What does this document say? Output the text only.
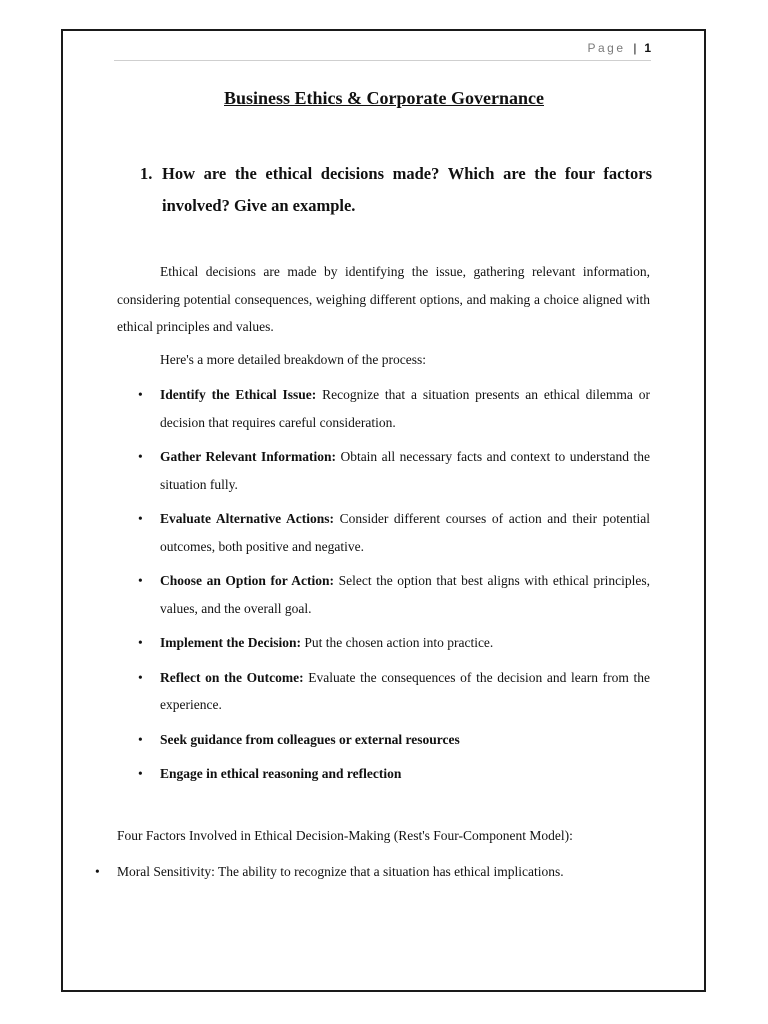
Page | 1
Business Ethics & Corporate Governance
1. How are the ethical decisions made? Which are the four factors involved? Give an example.

Ethical decisions are made by identifying the issue, gathering relevant information, considering potential consequences, weighing different options, and making a choice aligned with ethical principles and values.

Here's a more detailed breakdown of the process:

• Identify the Ethical Issue: Recognize that a situation presents an ethical dilemma or decision that requires careful consideration.
• Gather Relevant Information: Obtain all necessary facts and context to understand the situation fully.
• Evaluate Alternative Actions: Consider different courses of action and their potential outcomes, both positive and negative.
• Choose an Option for Action: Select the option that best aligns with ethical principles, values, and the overall goal.
• Implement the Decision: Put the chosen action into practice.
• Reflect on the Outcome: Evaluate the consequences of the decision and learn from the experience.
• Seek guidance from colleagues or external resources
• Engage in ethical reasoning and reflection

Four Factors Involved in Ethical Decision-Making (Rest's Four-Component Model):

• Moral Sensitivity: The ability to recognize that a situation has ethical implications.
